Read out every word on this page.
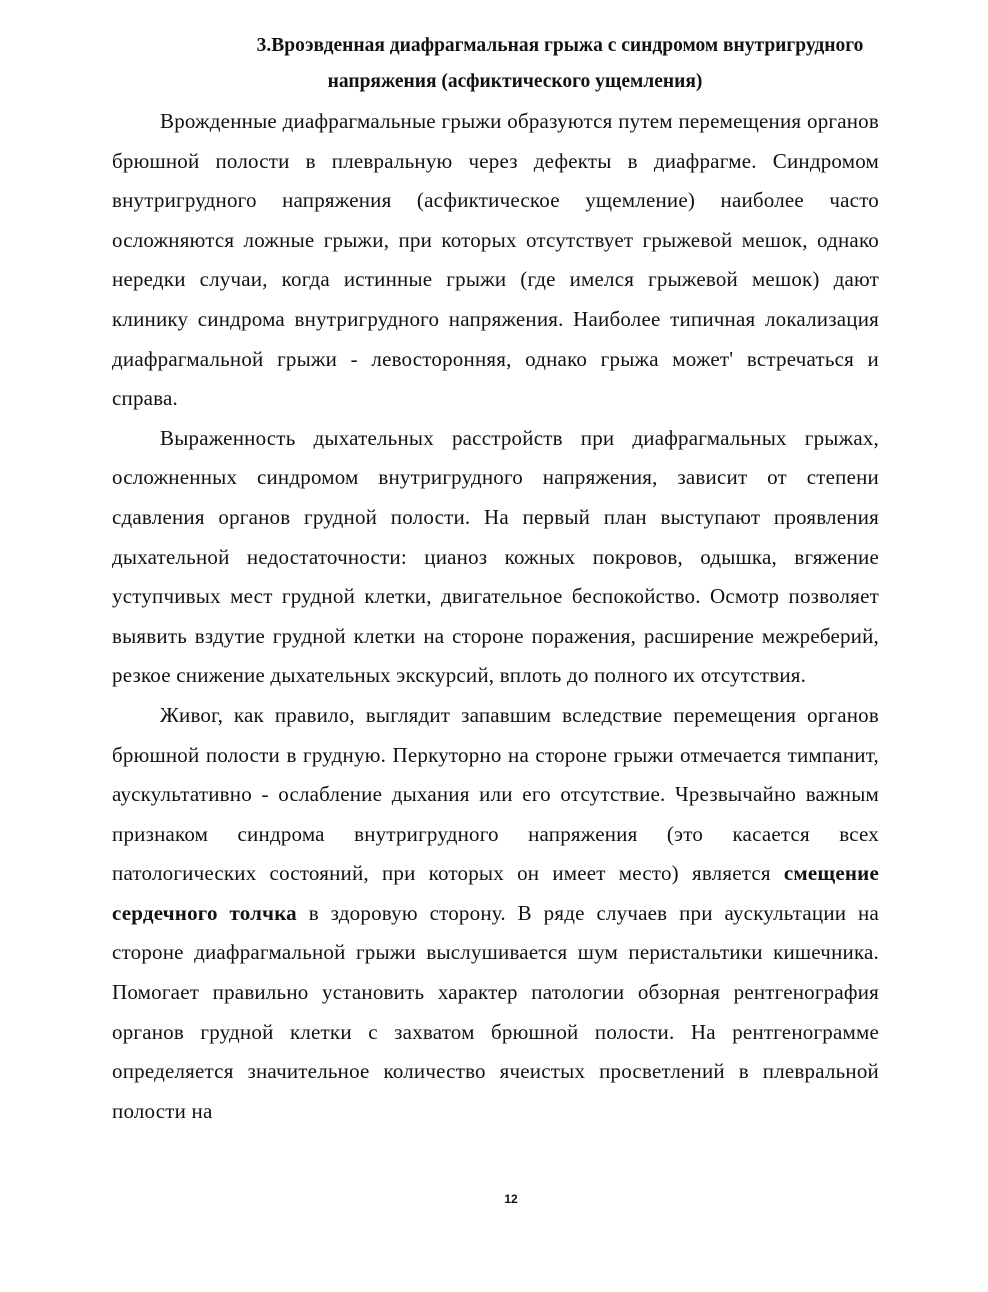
3.Вроэвденная диафрагмальная грыжа с синдромом внутригрудного
напряжения (асфиктического ущемления)

Врожденные диафрагмальные грыжи образуются путем перемещения органов брюшной полости в плевральную через дефекты в диафрагме. Синдромом внутригрудного напряжения (асфиктическое ущемление) наиболее часто осложняются ложные грыжи, при которых отсутствует грыжевой мешок, однако нередки случаи, когда истинные грыжи (где имелся грыжевой мешок) дают клинику синдрома внутригрудного напряжения. Наиболее типичная локализация диафрагмальной грыжи - левосторонняя, однако грыжа может' встречаться и справа.

Выраженность дыхательных расстройств при диафрагмальных грыжах, осложненных синдромом внутригрудного напряжения, зависит от степени сдавления органов грудной полости. На первый план выступают проявления дыхательной недостаточности: цианоз кожных покровов, одышка, вгяжение уступчивых мест грудной клетки, двигательное беспокойство. Осмотр позволяет выявить вздутие грудной клетки на стороне поражения, расширение межреберий, резкое снижение дыхательных экскурсий, вплоть до полного их отсутствия.

Живог, как правило, выглядит запавшим вследствие перемещения органов брюшной полости в грудную. Перкуторно на стороне грыжи отмечается тимпанит, аускультативно - ослабление дыхания или его отсутствие. Чрезвычайно важным признаком синдрома внутригрудного напряжения (это касается всех патологических состояний, при которых он имеет место) является смещение сердечного толчка в здоровую сторону. В ряде случаев при аускультации на стороне диафрагмальной грыжи выслушивается шум перистальтики кишечника. Помогает правильно установить характер патологии обзорная рентгенография органов грудной клетки с захватом брюшной полости. На рентгенограмме определяется значительное количество ячеистых просветлений в плевральной полости на

12
